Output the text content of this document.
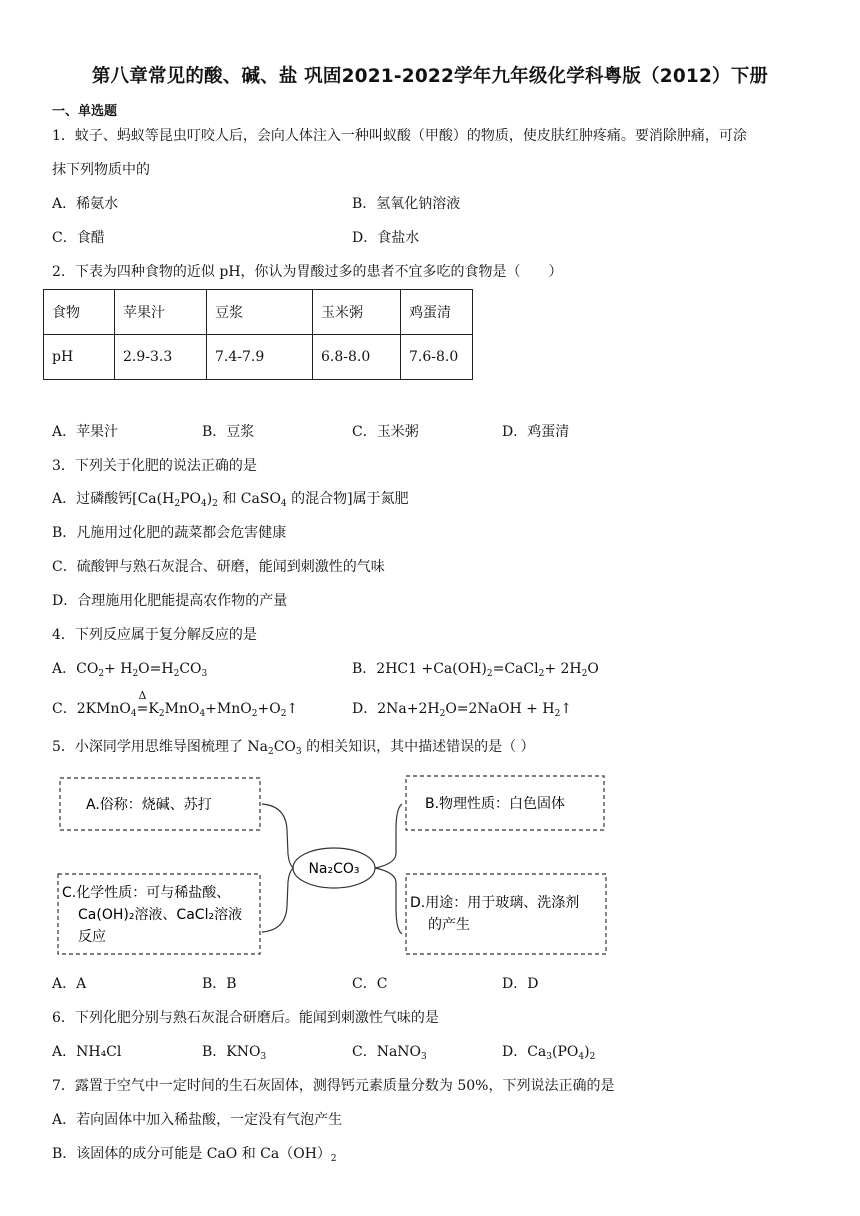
第八章常见的酸、碱、盐 巩固2021-2022学年九年级化学科粤版（2012）下册
一、单选题
1．蚊子、蚂蚁等昆虫叮咬人后，会向人体注入一种叫蚁酸（甲酸）的物质，使皮肤红肿疼痛。要消除肿痛，可涂
抹下列物质中的
A．稀氨水	B．氢氧化钠溶液
C．食醋	D．食盐水
2．下表为四种食物的近似 pH，你认为胃酸过多的患者不宜多吃的食物是（　　）
食物	苹果汁	豆浆	玉米粥	鸡蛋清
pH	2.9-3.3	7.4-7.9	6.8-8.0	7.6-8.0
A．苹果汁	B．豆浆	C．玉米粥	D．鸡蛋清
3．下列关于化肥的说法正确的是
A．过磷酸钙[$Ca(H_2PO_4)_2$ 和 CaSO$_4$ 的混合物]属于氮肥
B．凡施用过化肥的蔬菜都会危害健康
C．硫酸钾与熟石灰混合、研磨，能闻到刺激性的气味
D．合理施用化肥能提高农作物的产量
4．下列反应属于复分解反应的是
A．$CO_2+ H_2O=H_2CO_3$	B．$2HC1 +Ca(OH)_2=CaCl_2+ 2H_2O$
C．2KMnO$_4$
Δ
$=K_2MnO_4+MnO_2+O_2↑$	D．$2Na+2H_2O=2NaOH$ + $H_2↑$
5．小深同学用思维导图梳理了 $Na_2CO_3$ 的相关知识，其中描述错误的是（ ）
A.俗称：烧碱、苏打	B.物理性质：白色固体
C.化学性质：可与稀盐酸、
Ca(OH)₂溶液、CaCl₂溶液
反应
D.用途：用于玻璃、洗涤剂
的产生
Na₂CO₃
A．A	B．B	C．C	D．D
6．下列化肥分别与熟石灰混合研磨后。能闻到刺激性气味的是
A．NH₄Cl	B．$KNO_3$	C．NaNO$_3$	D．$Ca_3(PO_4)_2$
7．露置于空气中一定时间的生石灰固体，测得钙元素质量分数为 50%，下列说法正确的是
A．若向固体中加入稀盐酸，一定没有气泡产生
B．该固体的成分可能是 CaO 和 $Ca(OH)_2$
